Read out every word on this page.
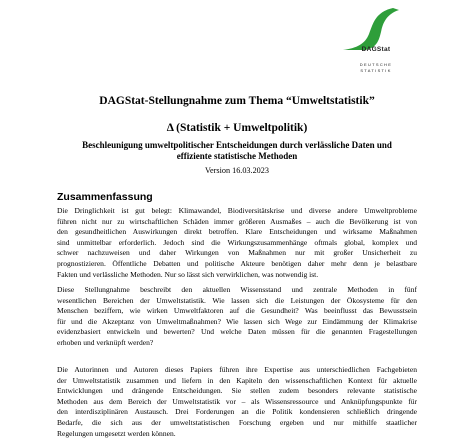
DAGStat
DEUTSCHE
STATISTIK
DAGStat-Stellungnahme zum Thema “Umweltstatistik”
Δ (Statistik + Umweltpolitik)
Beschleunigung umweltpolitischer Entscheidungen durch verlässliche Daten und
effiziente statistische Methoden
Version 16.03.2023
Zusammenfassung
Die Dringlichkeit ist gut belegt: Klimawandel, Biodiversitätskrise und diverse andere Umweltprobleme
führen nicht nur zu wirtschaftlichen Schäden immer größeren Ausmaßes – auch die Bevölkerung ist von
den gesundheitlichen Auswirkungen direkt betroffen. Klare Entscheidungen und wirksame Maßnahmen
sind unmittelbar erforderlich. Jedoch sind die Wirkungszusammenhänge oftmals global, komplex und
schwer nachzuweisen und daher Wirkungen von Maßnahmen nur mit großer Unsicherheit zu
prognostizieren. Öffentliche Debatten und politische Akteure benötigen daher mehr denn je belastbare
Fakten und verlässliche Methoden. Nur so lässt sich verwirklichen, was notwendig ist.
Diese Stellungnahme beschreibt den aktuellen Wissensstand und zentrale Methoden in fünf
wesentlichen Bereichen der Umweltstatistik. Wie lassen sich die Leistungen der Ökosysteme für den
Menschen beziffern, wie wirken Umweltfaktoren auf die Gesundheit? Was beeinflusst das Bewusstsein
für und die Akzeptanz von Umweltmaßnahmen? Wie lassen sich Wege zur Eindämmung der Klimakrise
evidenzbasiert entwickeln und bewerten? Und welche Daten müssen für die genannten Fragestellungen
erhoben und verknüpft werden?
Die Autorinnen und Autoren dieses Papiers führen ihre Expertise aus unterschiedlichen Fachgebieten
der Umweltstatistik zusammen und liefern in den Kapiteln den wissenschaftlichen Kontext für aktuelle
Entwicklungen und drängende Entscheidungen. Sie stellen zudem besonders relevante statistische
Methoden aus dem Bereich der Umweltstatistik vor – als Wissensressource und Anknüpfungspunkte für
den interdisziplinären Austausch. Drei Forderungen an die Politik kondensieren schließlich dringende
Bedarfe, die sich aus der umweltstatistischen Forschung ergeben und nur mithilfe staatlicher
Regelungen umgesetzt werden können.
